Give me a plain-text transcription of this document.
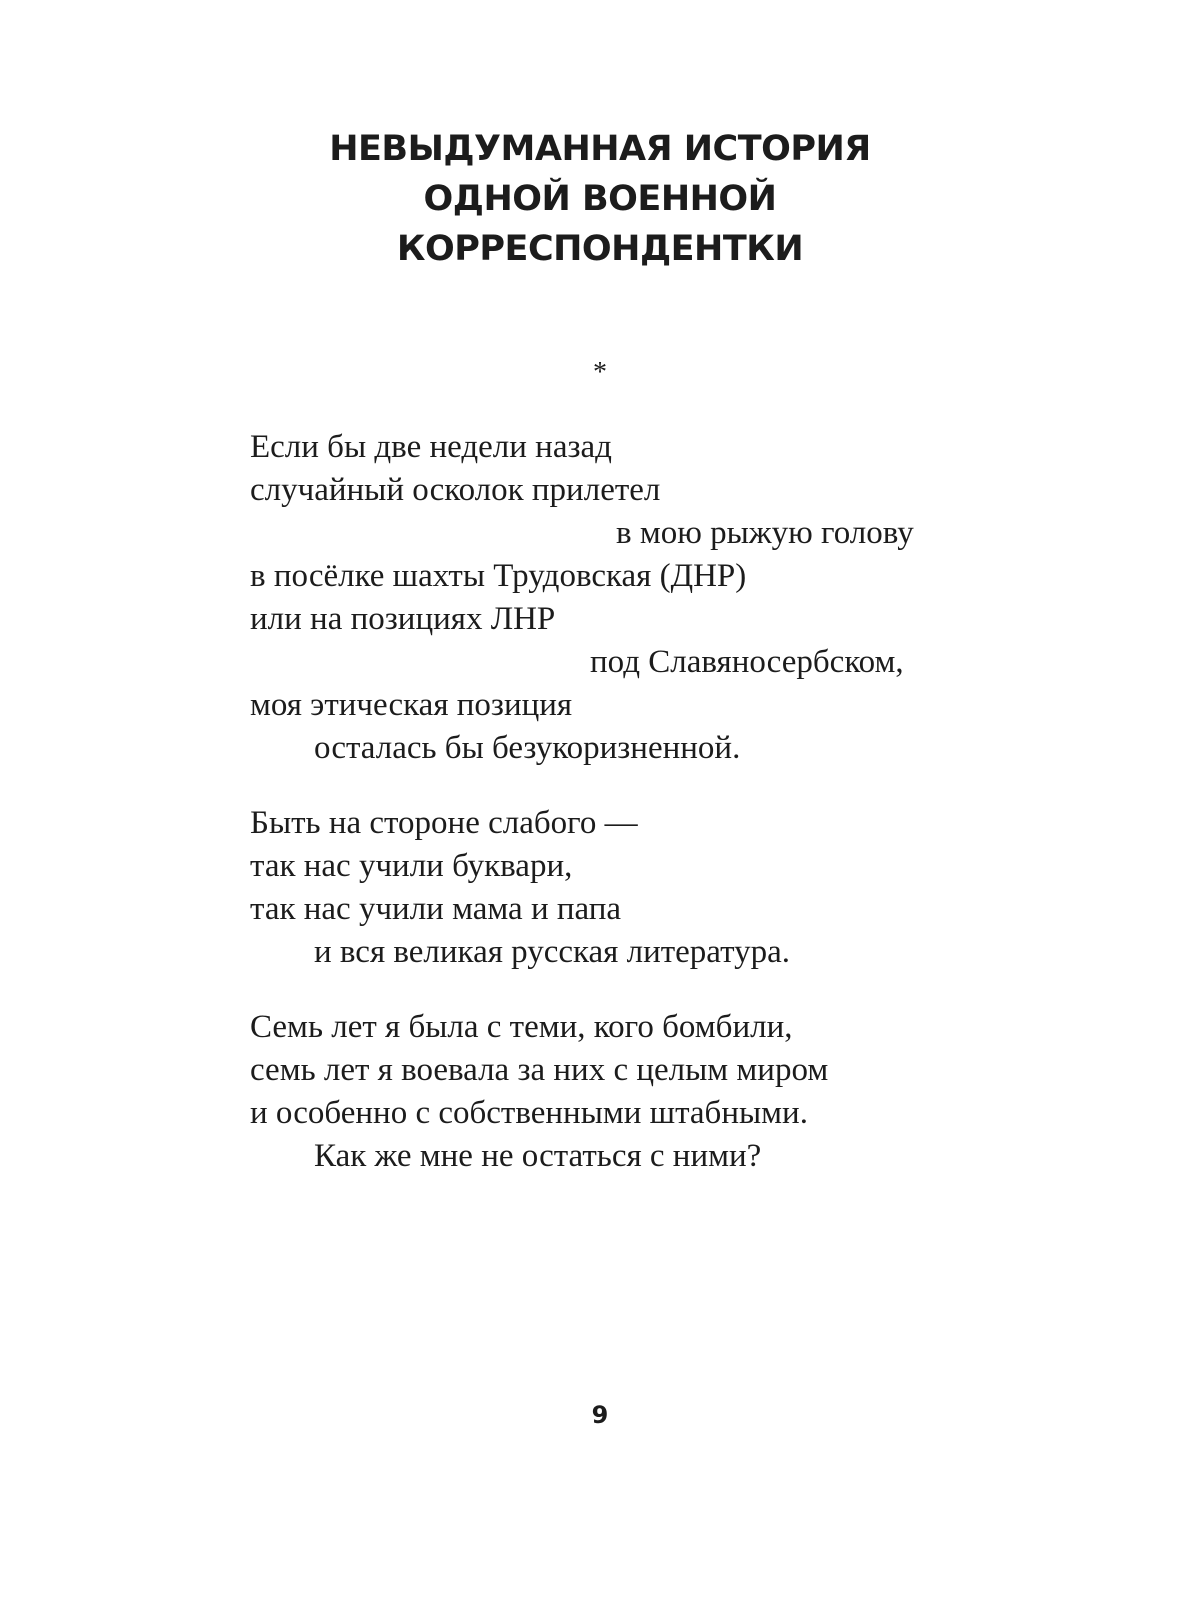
НЕВЫДУМАННАЯ ИСТОРИЯ
ОДНОЙ ВОЕННОЙ
КОРРЕСПОНДЕНТКИ
*
Если бы две недели назад
случайный осколок прилетел
в мою рыжую голову
в посёлке шахты Трудовская (ДНР)
или на позициях ЛНР
под Славяносербском,
моя этическая позиция
осталась бы безукоризненной.
Быть на стороне слабого —
так нас учили буквари,
так нас учили мама и папа
и вся великая русская литература.
Семь лет я была с теми, кого бомбили,
семь лет я воевала за них с целым миром
и особенно с собственными штабными.
Как же мне не остаться с ними?
9
